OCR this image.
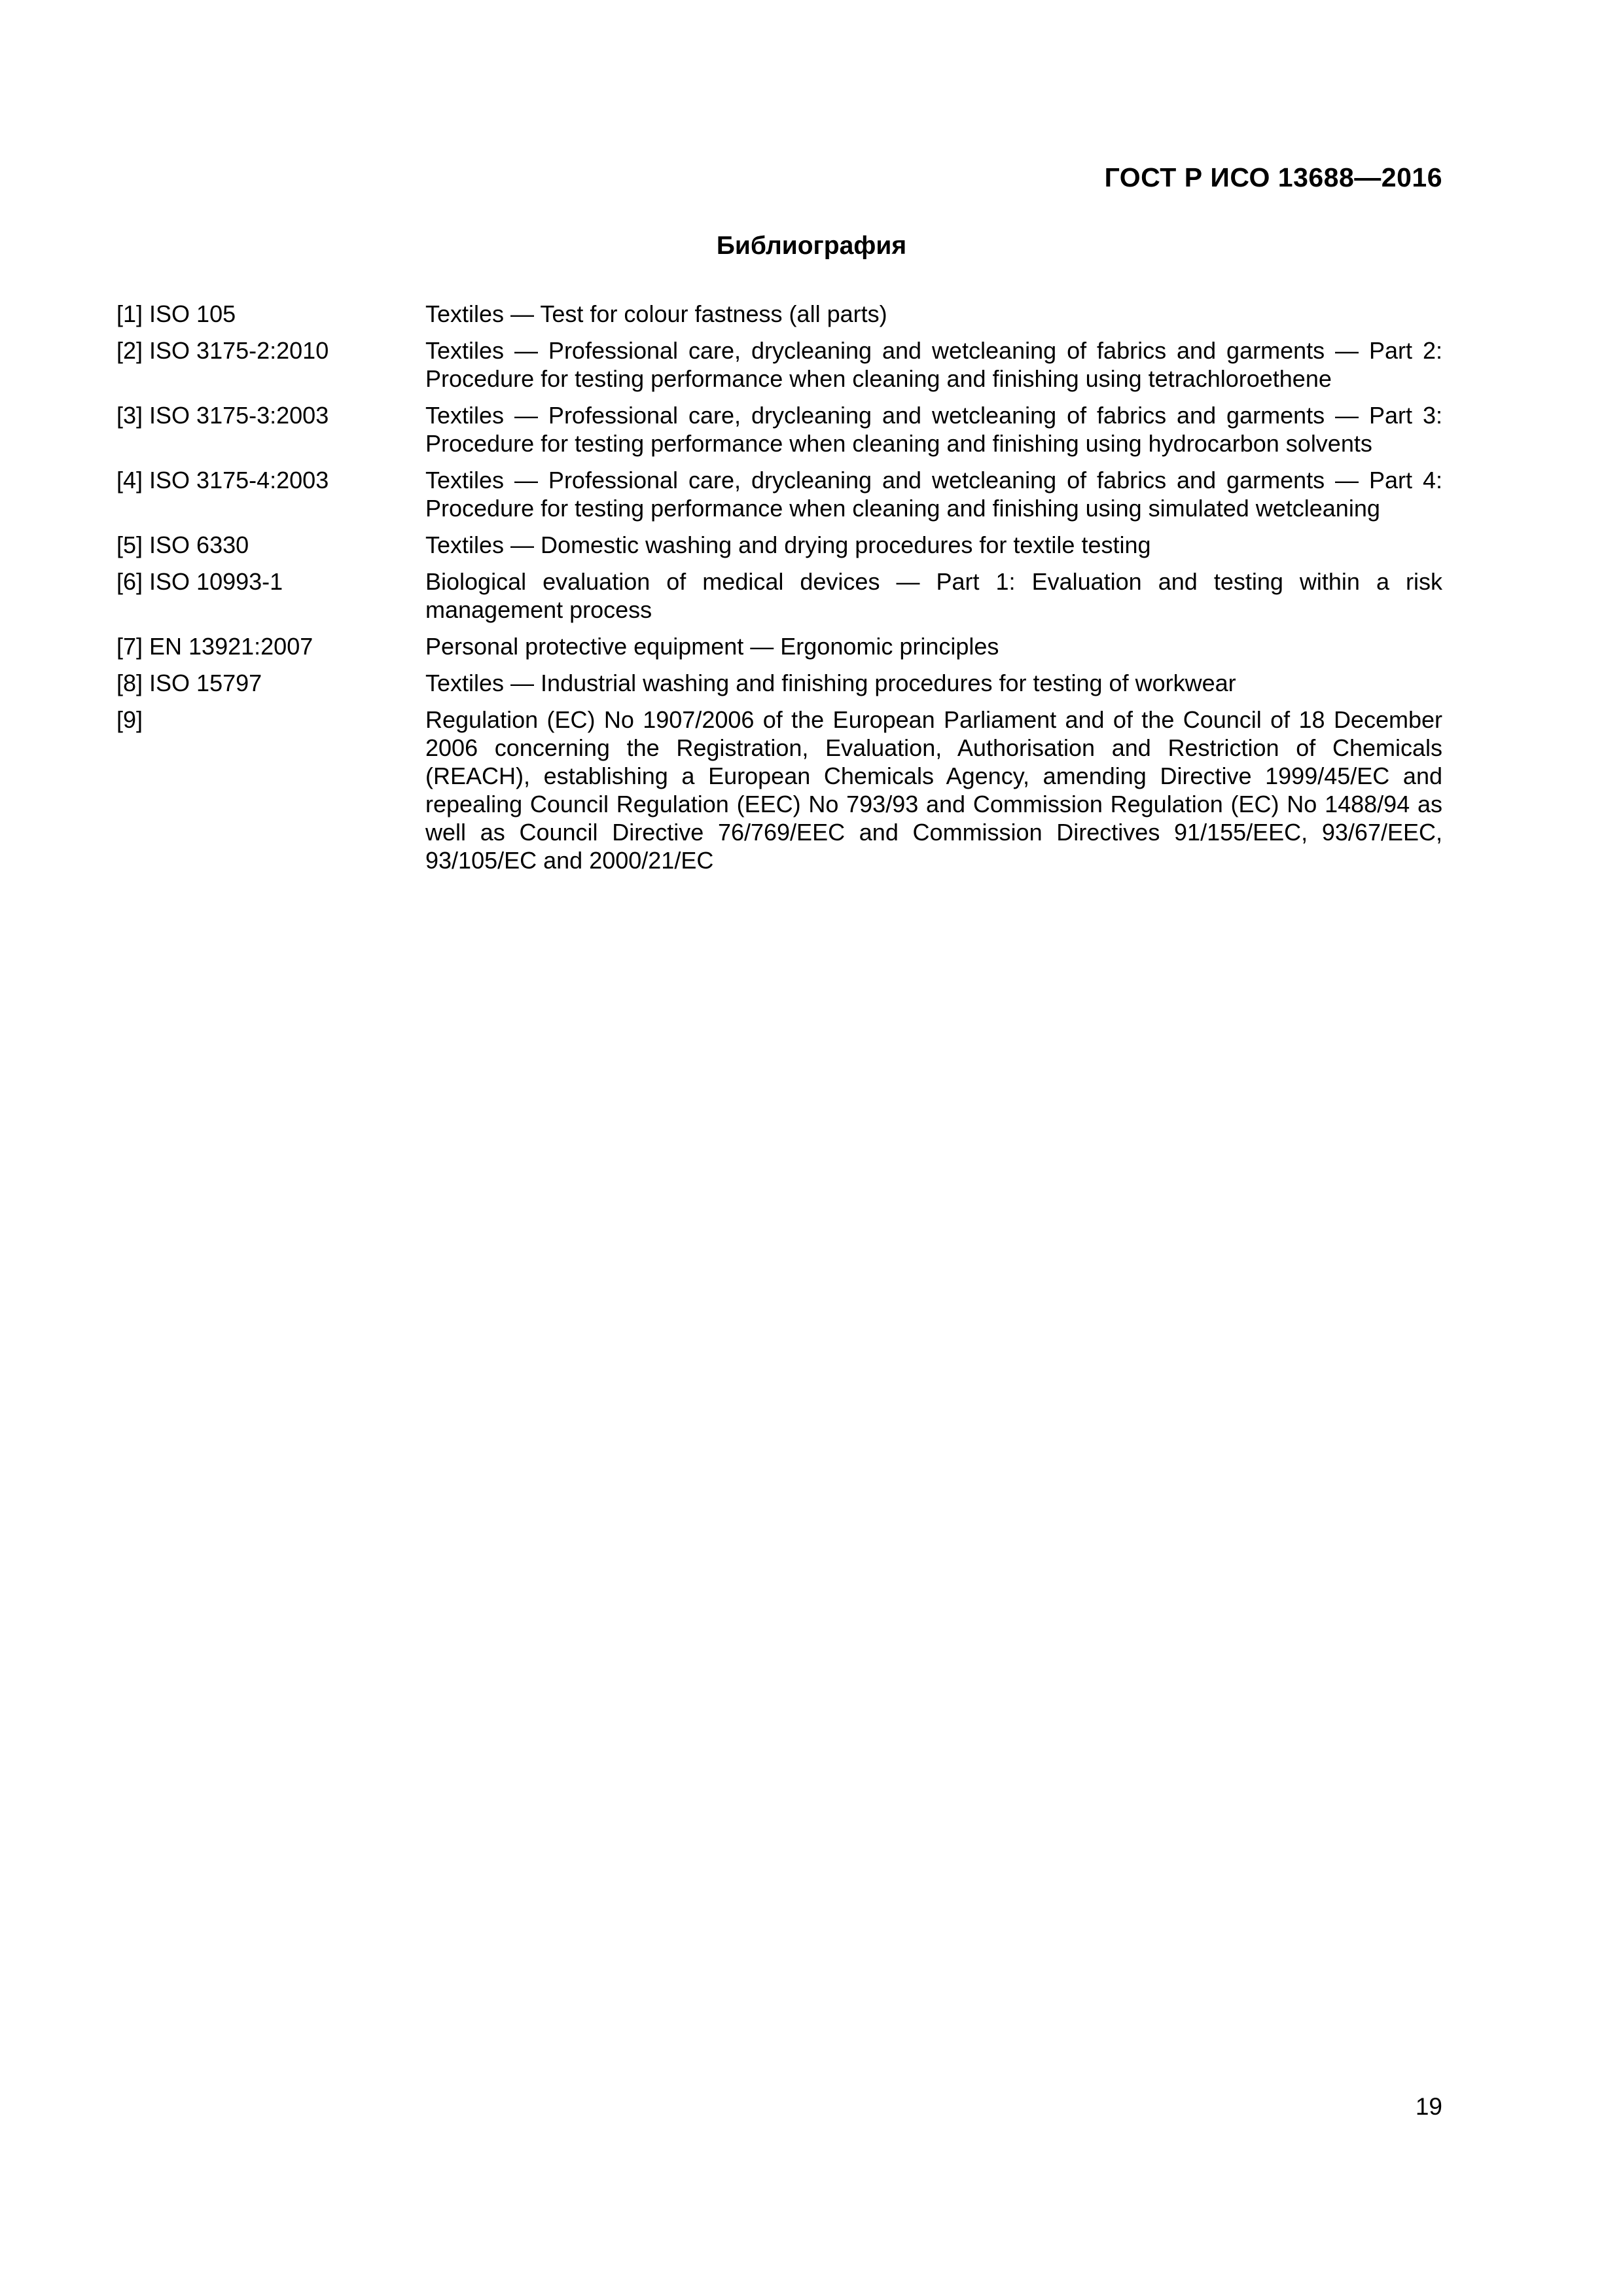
ГОСТ Р ИСО 13688—2016
Библиография
[1] ISO 105	Textiles — Test for colour fastness (all parts)
[2] ISO 3175-2:2010	Textiles — Professional care, drycleaning and wetcleaning of fabrics and garments — Part 2: Procedure for testing performance when cleaning and finishing using tetrachloroethene
[3] ISO 3175-3:2003	Textiles — Professional care, drycleaning and wetcleaning of fabrics and garments — Part 3: Procedure for testing performance when cleaning and finishing using hydrocarbon solvents
[4] ISO 3175-4:2003	Textiles — Professional care, drycleaning and wetcleaning of fabrics and garments — Part 4: Procedure for testing performance when cleaning and finishing using simulated wetcleaning
[5] ISO 6330	Textiles — Domestic washing and drying procedures for textile testing
[6] ISO 10993-1	Biological evaluation of medical devices — Part 1: Evaluation and testing within a risk management process
[7] EN 13921:2007	Personal protective equipment — Ergonomic principles
[8] ISO 15797	Textiles — Industrial washing and finishing procedures for testing of workwear
[9]	Regulation (EC) No 1907/2006 of the European Parliament and of the Council of 18 December 2006 concerning the Registration, Evaluation, Authorisation and Restriction of Chemicals (REACH), establishing a European Chemicals Agency, amending Directive 1999/45/EC and repealing Council Regulation (EEC) No 793/93 and Commission Regulation (EC) No 1488/94 as well as Council Directive 76/769/EEC and Commission Directives 91/155/EEC, 93/67/EEC, 93/105/EC and 2000/21/EC
19
